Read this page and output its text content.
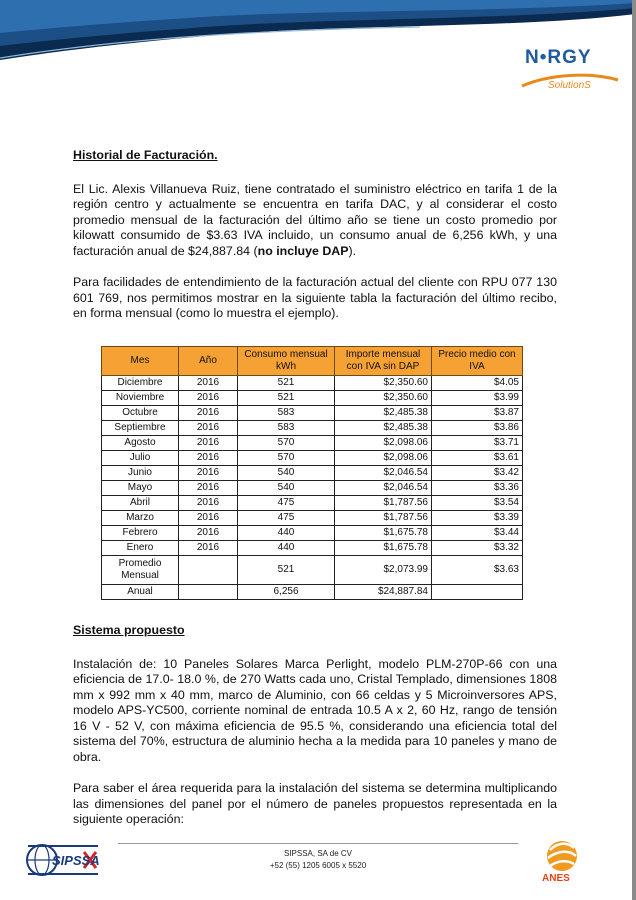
N•RGY
SolutionS
Historial de Facturación.

El Lic. Alexis Villanueva Ruiz, tiene contratado el suministro eléctrico en tarifa 1 de la región centro y actualmente se encuentra en tarifa DAC, y al considerar el costo promedio mensual de la facturación del último año se tiene un costo promedio por kilowatt consumido de $3.63 IVA incluido, un consumo anual de 6,256 kWh, y una facturación anual de $24,887.84 (no incluye DAP).

Para facilidades de entendimiento de la facturación actual del cliente con RPU 077 130 601 769, nos permitimos mostrar en la siguiente tabla la facturación del último recibo, en forma mensual (como lo muestra el ejemplo).

Mes	Año	Consumo mensual kWh	Importe mensual con IVA sin DAP	Precio medio con IVA
Diciembre	2016	521	$2,350.60	$4.05
Noviembre	2016	521	$2,350.60	$3.99
Octubre	2016	583	$2,485.38	$3.87
Septiembre	2016	583	$2,485.38	$3.86
Agosto	2016	570	$2,098.06	$3.71
Julio	2016	570	$2,098.06	$3.61
Junio	2016	540	$2,046.54	$3.42
Mayo	2016	540	$2,046.54	$3.36
Abril	2016	475	$1,787.56	$3.54
Marzo	2016	475	$1,787.56	$3.39
Febrero	2016	440	$1,675.78	$3.44
Enero	2016	440	$1,675.78	$3.32
Promedio Mensual		521	$2,073.99	$3.63
Anual		6,256	$24,887.84	
Sistema propuesto

Instalación de: 10 Paneles Solares Marca Perlight, modelo PLM-270P-66 con una eficiencia de 17.0- 18.0 %, de 270 Watts cada uno, Cristal Templado, dimensiones 1808 mm x 992 mm x 40 mm, marco de Aluminio, con 66 celdas y 5 Microinversores APS, modelo APS-YC500, corriente nominal de entrada 10.5 A x 2, 60 Hz, rango de tensión 16 V - 52 V, con máxima eficiencia de 95.5 %, considerando una eficiencia total del sistema del 70%, estructura de aluminio hecha a la medida para 10 paneles y mano de obra.

Para saber el área requerida para la instalación del sistema se determina multiplicando las dimensiones del panel por el número de paneles propuestos representada en la siguiente operación:

SIPSSA	SIPSSA, SA de CV
+52 (55) 1205 6005 x 5520
ANES
